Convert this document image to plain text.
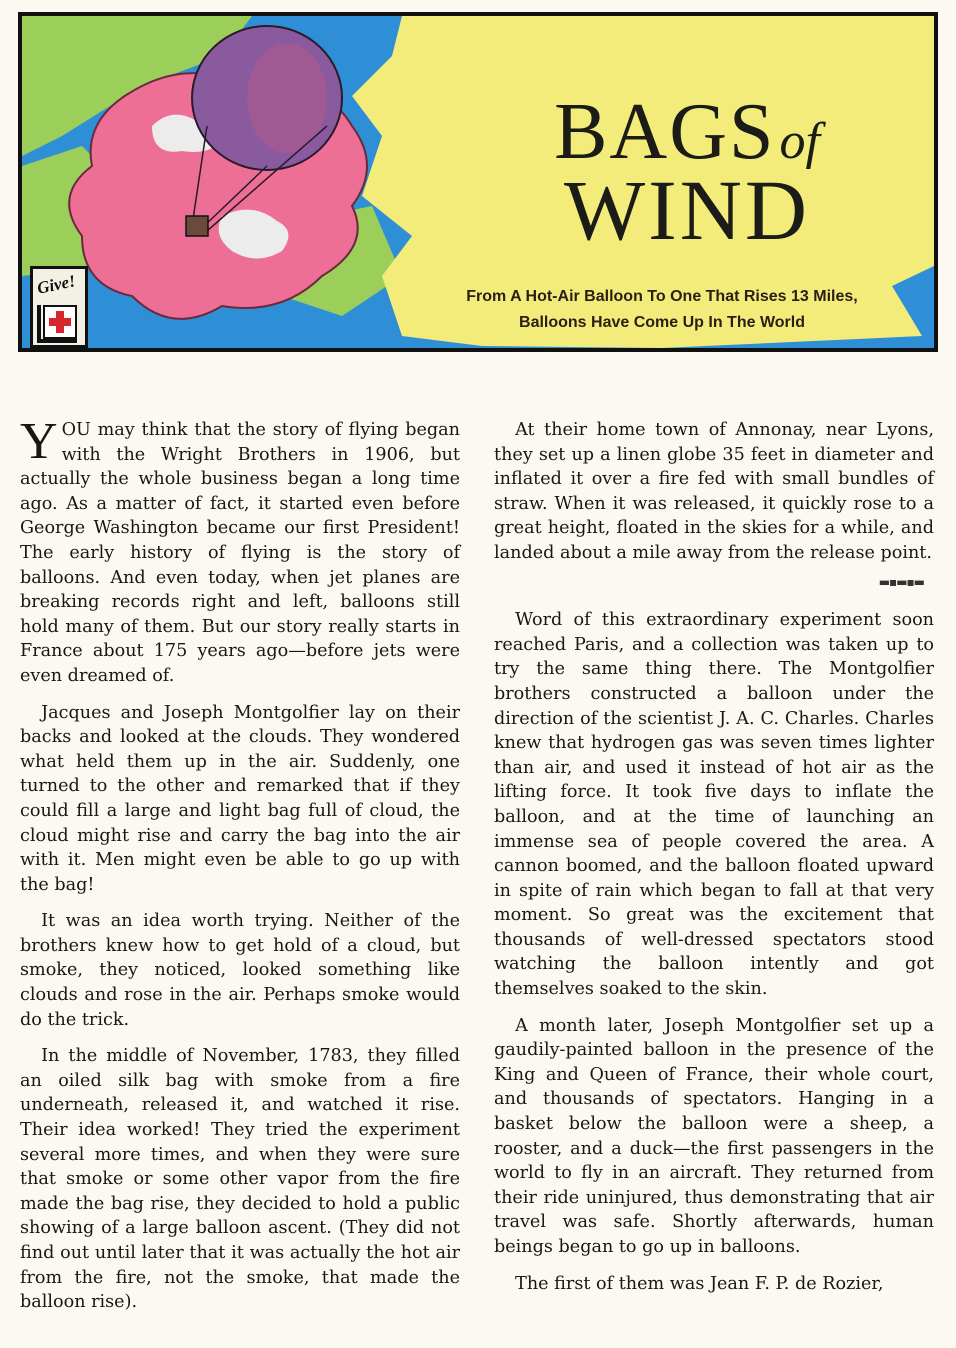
BAGS of
WIND
From A Hot-Air Balloon To One That Rises 13 Miles,
Balloons Have Come Up In The World
Give!

YOU may think that the story of flying began with the Wright Brothers in 1906, but actually the whole business began a long time ago. As a matter of fact, it started even before George Washington became our first President! The early history of flying is the story of balloons. And even today, when jet planes are breaking records right and left, balloons still hold many of them. But our story really starts in France about 175 years ago—before jets were even dreamed of.

Jacques and Joseph Montgolfier lay on their backs and looked at the clouds. They wondered what held them up in the air. Suddenly, one turned to the other and remarked that if they could fill a large and light bag full of cloud, the cloud might rise and carry the bag into the air with it. Men might even be able to go up with the bag!

It was an idea worth trying. Neither of the brothers knew how to get hold of a cloud, but smoke, they noticed, looked something like clouds and rose in the air. Perhaps smoke would do the trick.

In the middle of November, 1783, they filled an oiled silk bag with smoke from a fire underneath, released it, and watched it rise. Their idea worked! They tried the experiment several more times, and when they were sure that smoke or some other vapor from the fire made the bag rise, they decided to hold a public showing of a large balloon ascent. (They did not find out until later that it was actually the hot air from the fire, not the smoke, that made the balloon rise).

At their home town of Annonay, near Lyons, they set up a linen globe 35 feet in diameter and inflated it over a fire fed with small bundles of straw. When it was released, it quickly rose to a great height, floated in the skies for a while, and landed about a mile away from the release point.

▬▪▬▪▬

Word of this extraordinary experiment soon reached Paris, and a collection was taken up to try the same thing there. The Montgolfier brothers constructed a balloon under the direction of the scientist J. A. C. Charles. Charles knew that hydrogen gas was seven times lighter than air, and used it instead of hot air as the lifting force. It took five days to inflate the balloon, and at the time of launching an immense sea of people covered the area. A cannon boomed, and the balloon floated upward in spite of rain which began to fall at that very moment. So great was the excitement that thousands of well-dressed spectators stood watching the balloon intently and got themselves soaked to the skin.

A month later, Joseph Montgolfier set up a gaudily-painted balloon in the presence of the King and Queen of France, their whole court, and thousands of spectators. Hanging in a basket below the balloon were a sheep, a rooster, and a duck—the first passengers in the world to fly in an aircraft. They returned from their ride uninjured, thus demonstrating that air travel was safe. Shortly afterwards, human beings began to go up in balloons.

The first of them was Jean F. P. de Rozier,
